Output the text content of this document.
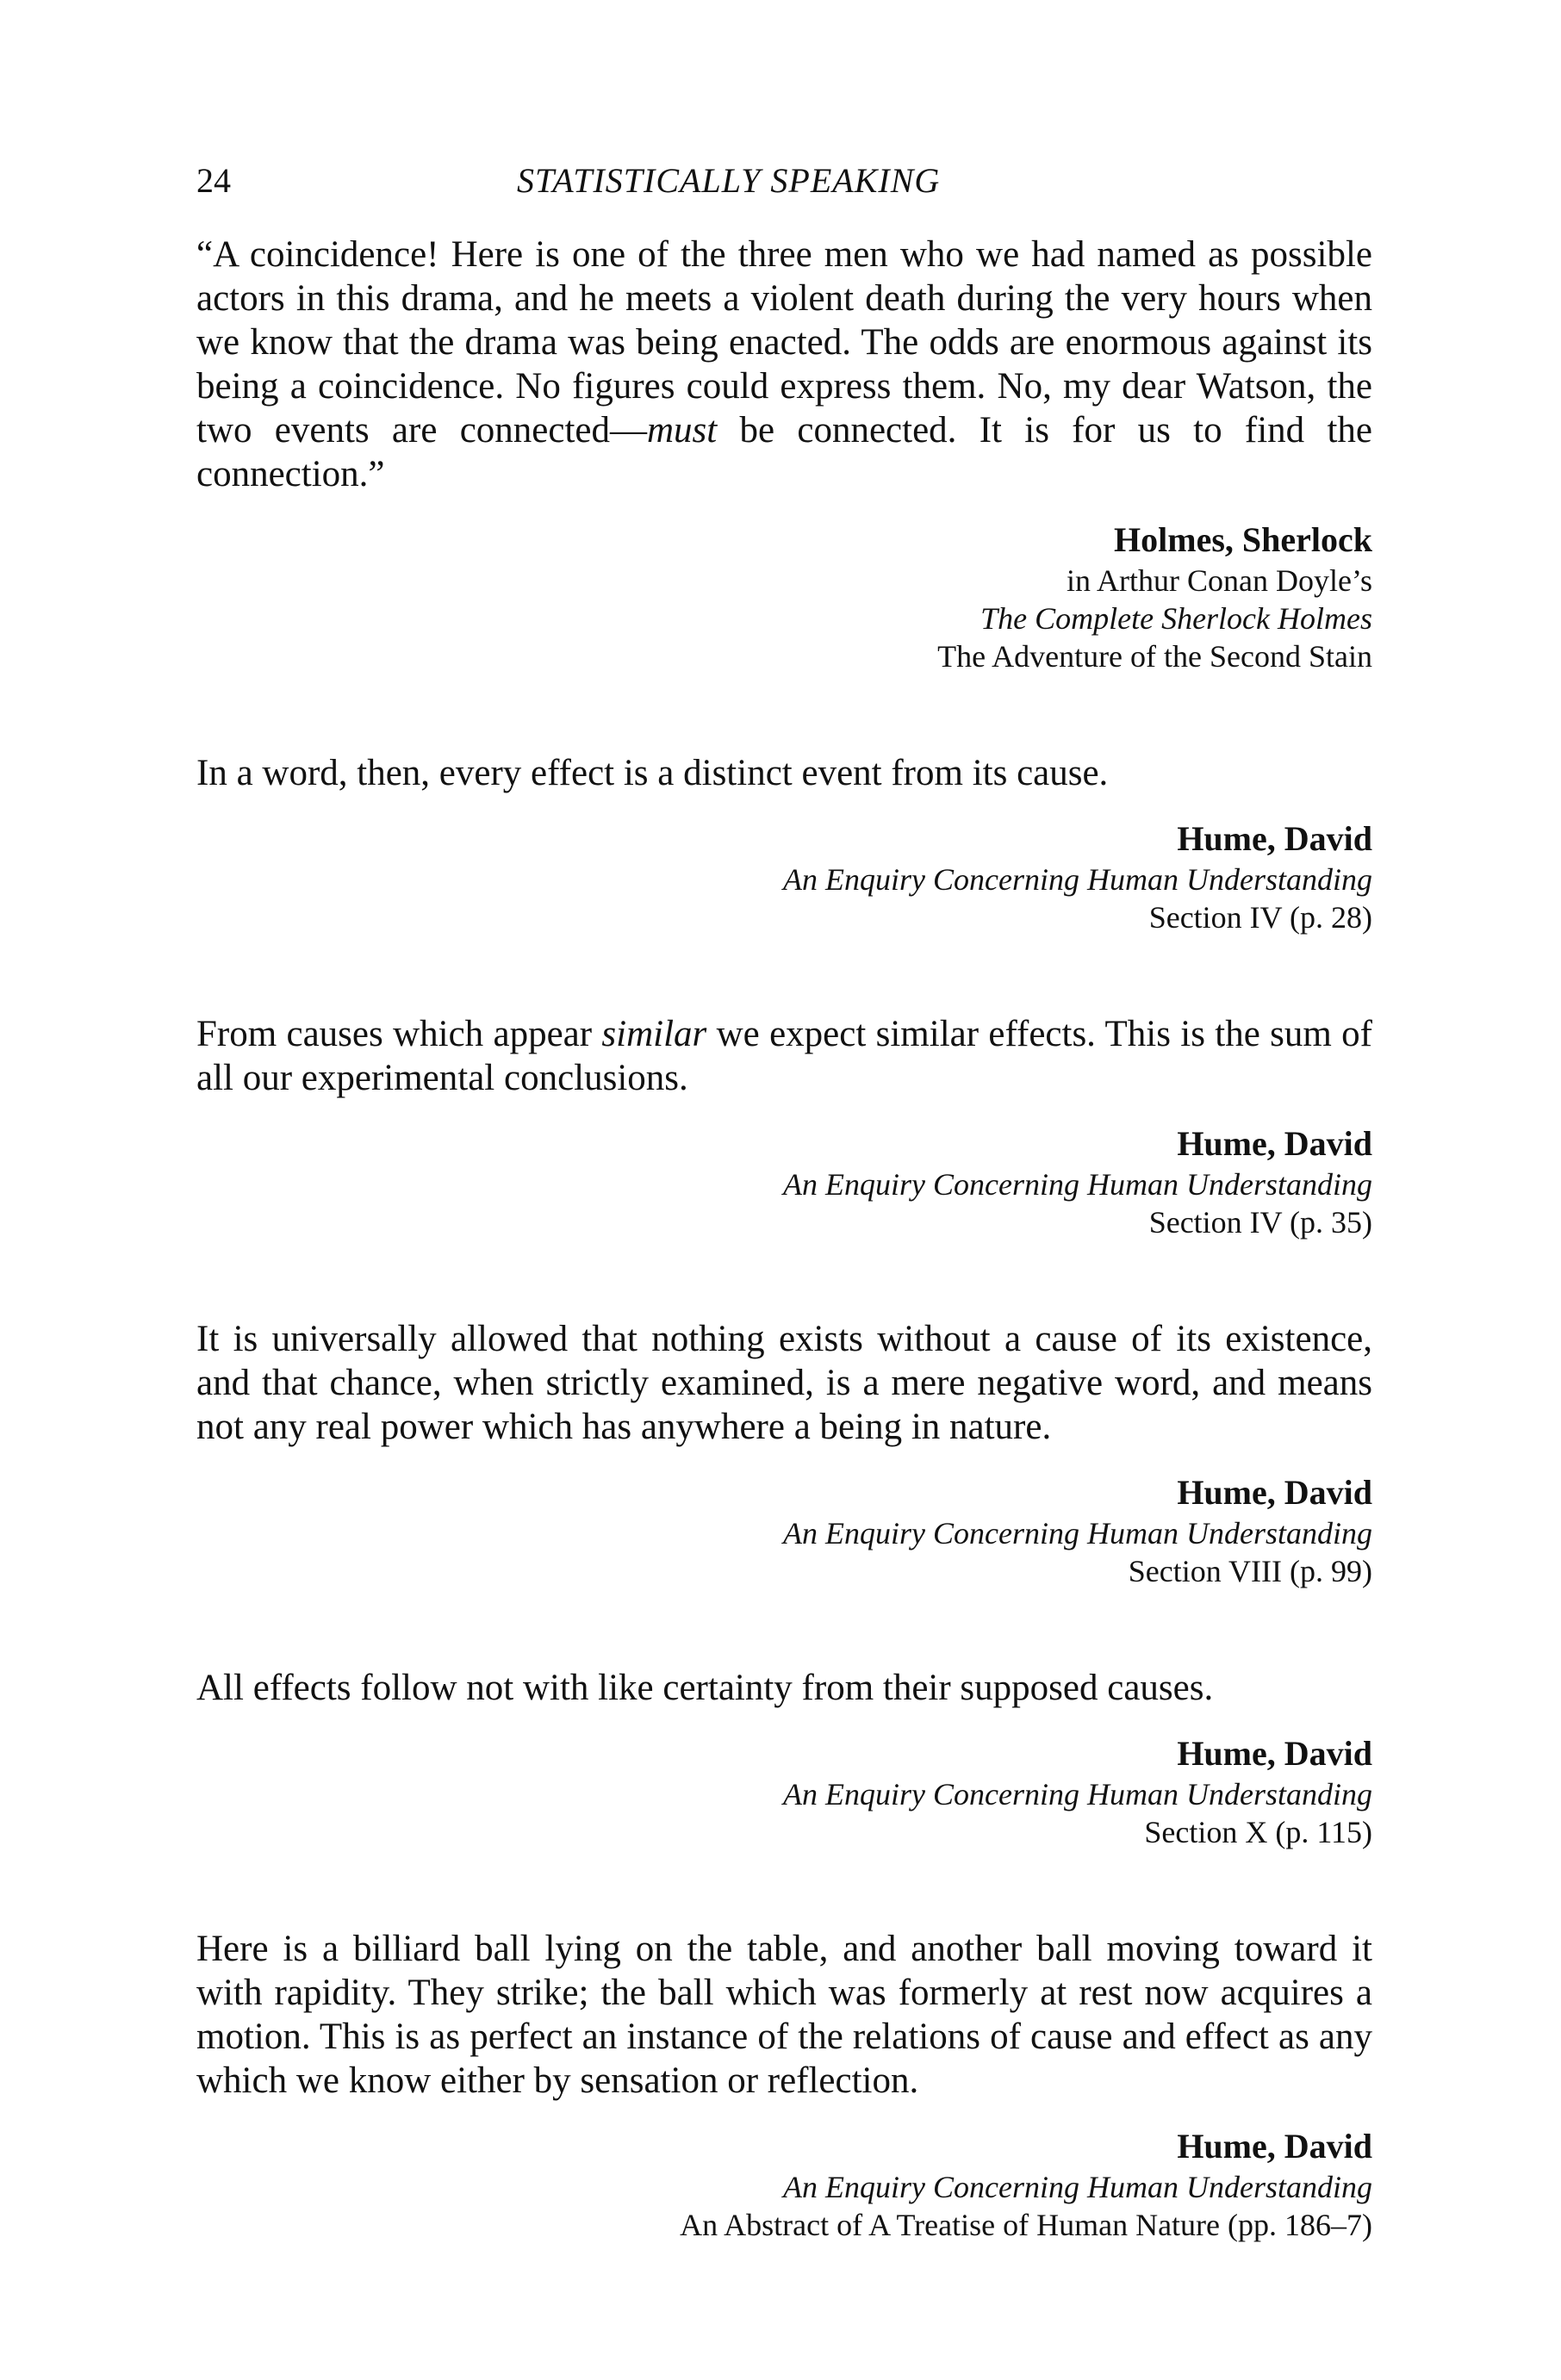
24	STATISTICALLY SPEAKING

“A coincidence! Here is one of the three men who we had named as possible actors in this drama, and he meets a violent death during the very hours when we know that the drama was being enacted. The odds are enormous against its being a coincidence. No figures could express them. No, my dear Watson, the two events are connected—must be connected. It is for us to find the connection.”

Holmes, Sherlock
in Arthur Conan Doyle’s
The Complete Sherlock Holmes
The Adventure of the Second Stain

In a word, then, every effect is a distinct event from its cause.

Hume, David
An Enquiry Concerning Human Understanding
Section IV (p. 28)

From causes which appear similar we expect similar effects. This is the sum of all our experimental conclusions.

Hume, David
An Enquiry Concerning Human Understanding
Section IV (p. 35)

It is universally allowed that nothing exists without a cause of its existence, and that chance, when strictly examined, is a mere negative word, and means not any real power which has anywhere a being in nature.

Hume, David
An Enquiry Concerning Human Understanding
Section VIII (p. 99)

All effects follow not with like certainty from their supposed causes.

Hume, David
An Enquiry Concerning Human Understanding
Section X (p. 115)

Here is a billiard ball lying on the table, and another ball moving toward it with rapidity. They strike; the ball which was formerly at rest now acquires a motion. This is as perfect an instance of the relations of cause and effect as any which we know either by sensation or reflection.

Hume, David
An Enquiry Concerning Human Understanding
An Abstract of A Treatise of Human Nature (pp. 186–7)
